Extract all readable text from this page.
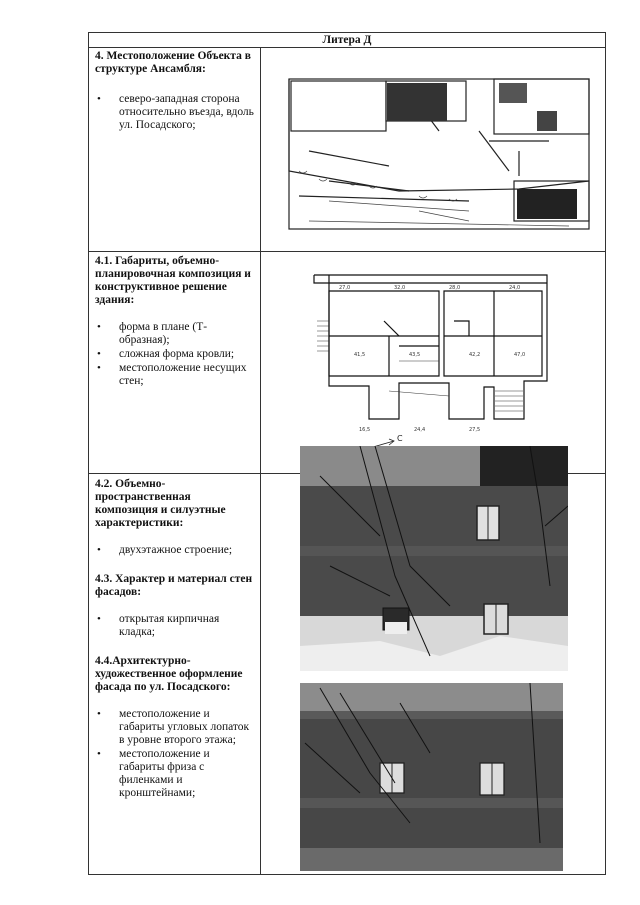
Литера Д
4. Местоположение Объекта в структуре Ансамбля:
• северо-западная сторона относительно въезда, вдоль ул. Посадского;
4.1. Габариты, объемно-планировочная композиция и конструктивное решение здания:
• форма в плане (Т-образная);
• сложная форма кровли;
• местоположение несущих стен;
27,0	32,0	28,0	24,0
41,5	43,5	42,2	47,0
16,5	24,4	27,5
С
4.2. Объемно-пространственная композиция и силуэтные характеристики:
• двухэтажное строение;
4.3. Характер и материал стен фасадов:
• открытая кирпичная кладка;
4.4.Архитектурно-художественное оформление фасада по ул. Посадского:
• местоположение и габариты угловых лопаток в уровне второго этажа;
• местоположение и габариты фриза с филенками и кронштейнами;
